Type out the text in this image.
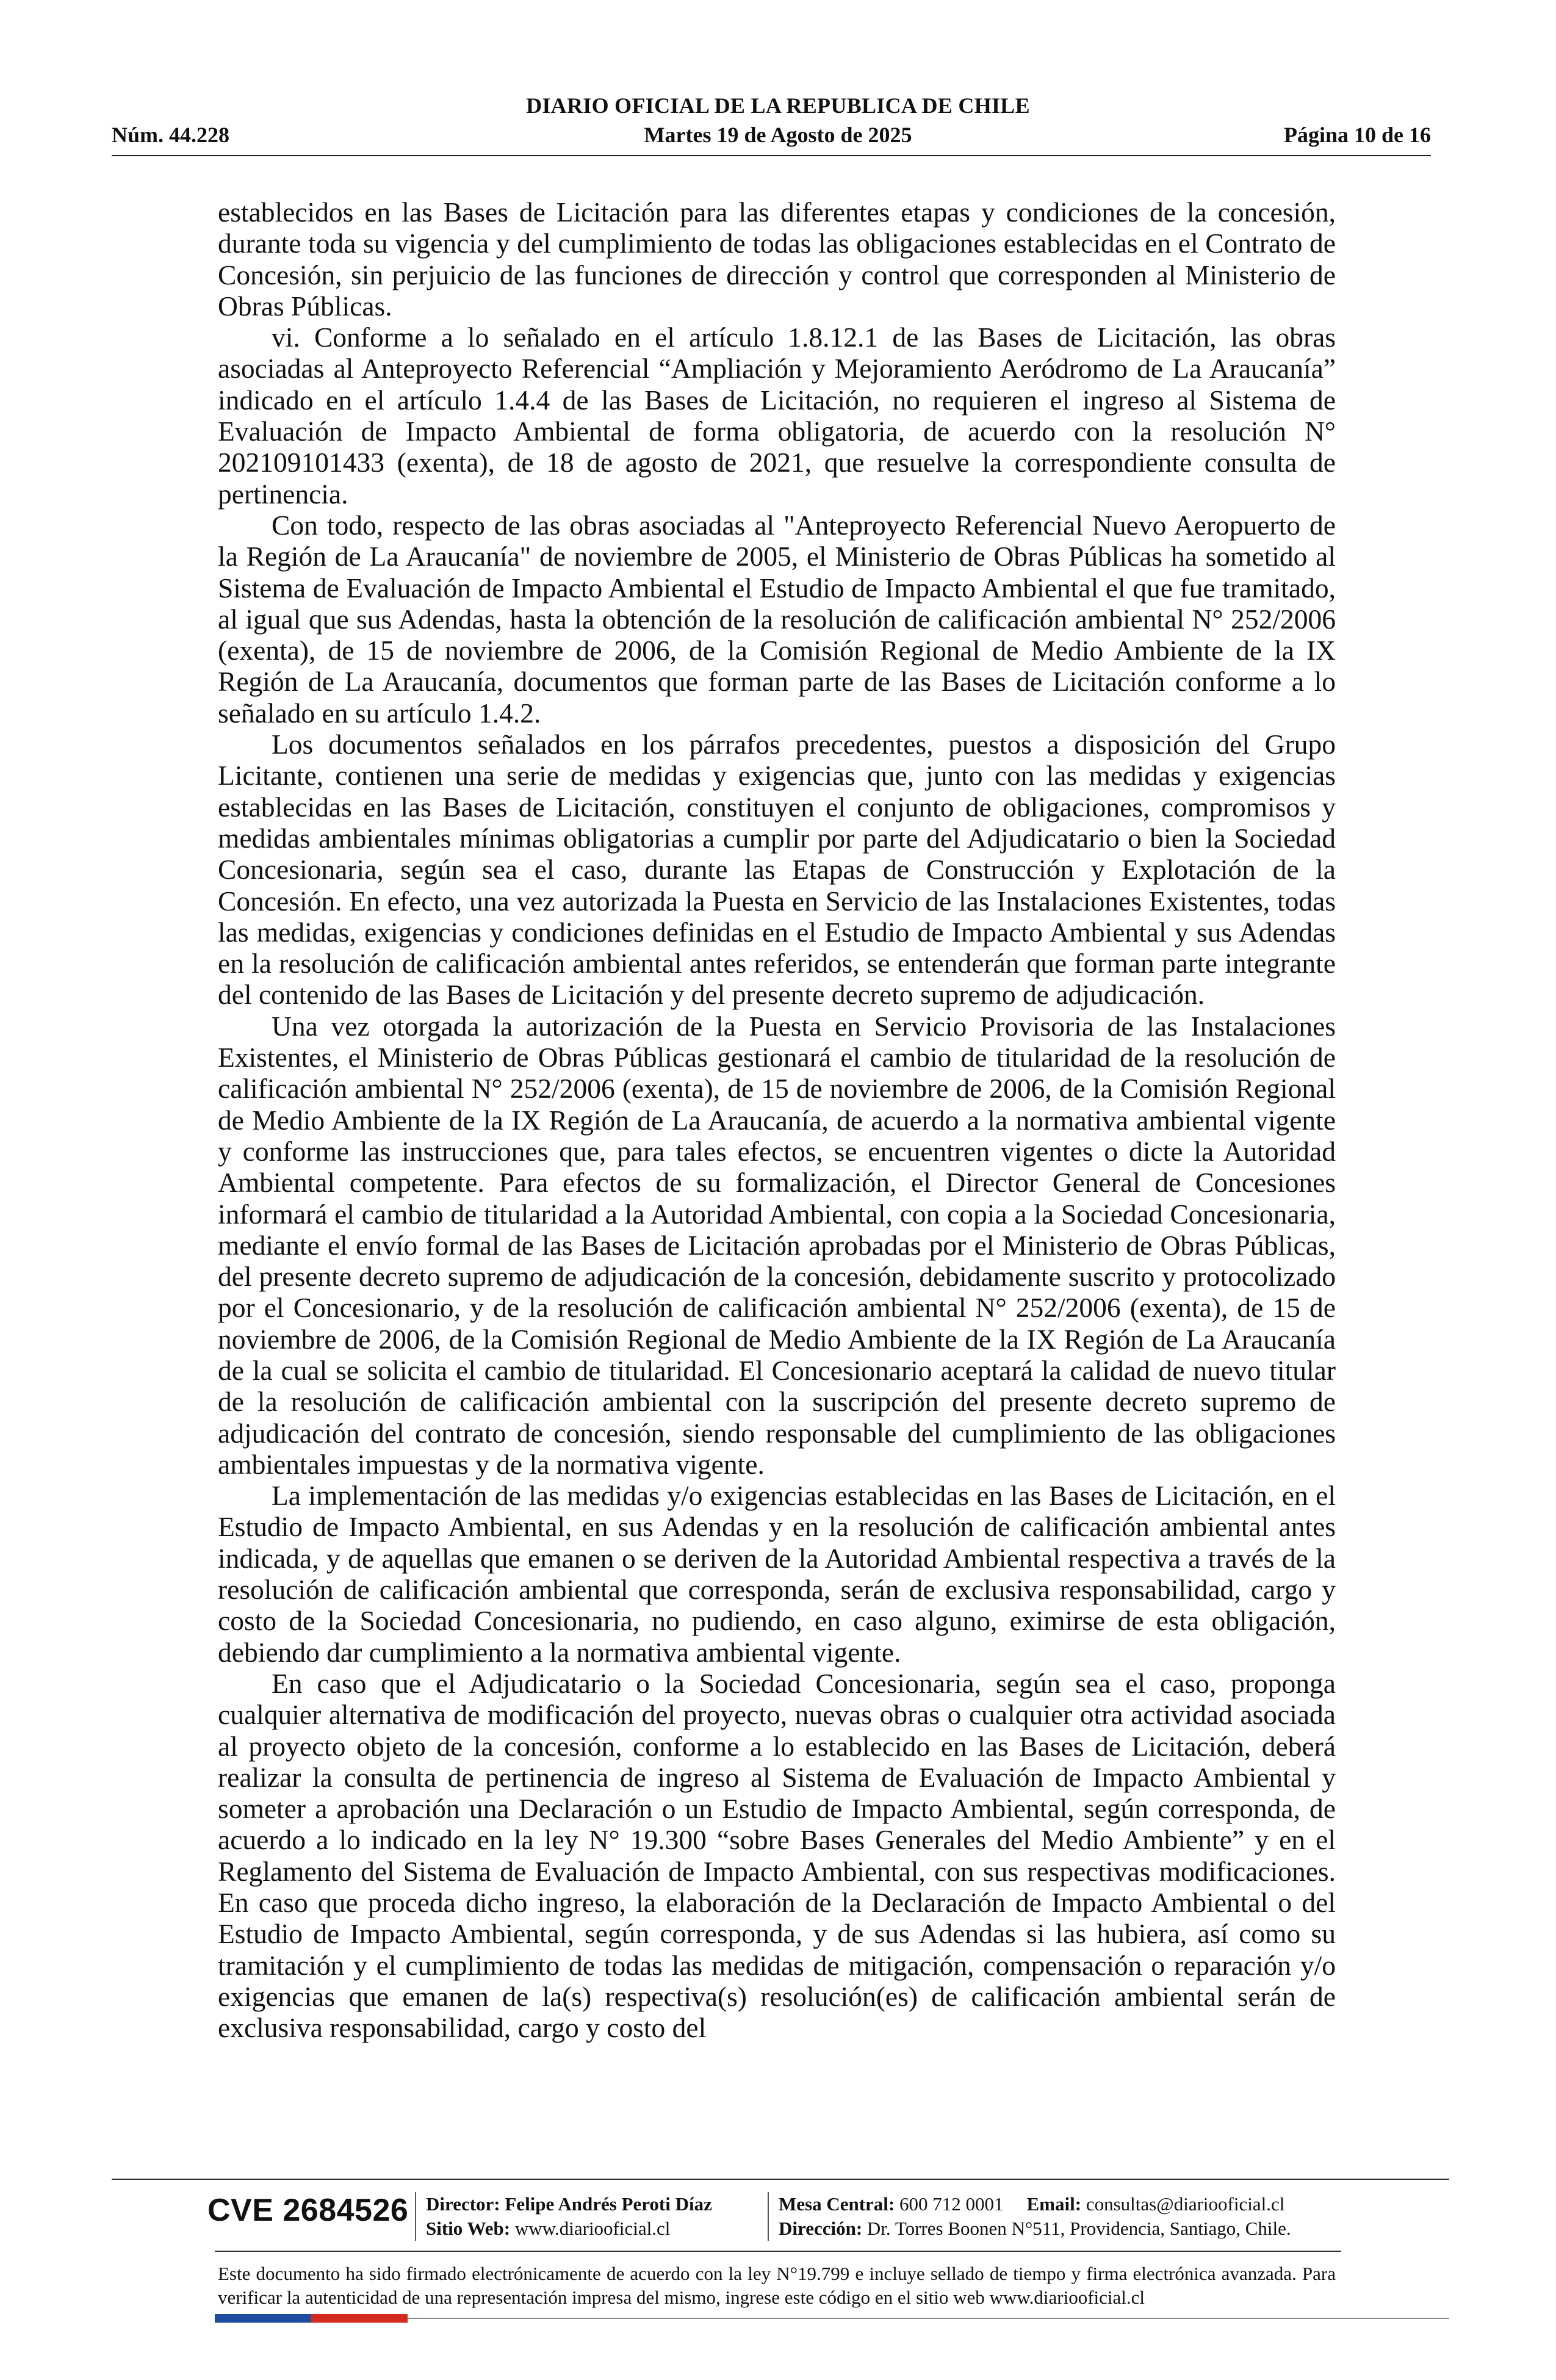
DIARIO OFICIAL DE LA REPUBLICA DE CHILE
Núm. 44.228	Martes 19 de Agosto de 2025	Página 10 de 16

establecidos en las Bases de Licitación para las diferentes etapas y condiciones de la concesión, durante toda su vigencia y del cumplimiento de todas las obligaciones establecidas en el Contrato de Concesión, sin perjuicio de las funciones de dirección y control que corresponden al Ministerio de Obras Públicas.

vi. Conforme a lo señalado en el artículo 1.8.12.1 de las Bases de Licitación, las obras asociadas al Anteproyecto Referencial “Ampliación y Mejoramiento Aeródromo de La Araucanía” indicado en el artículo 1.4.4 de las Bases de Licitación, no requieren el ingreso al Sistema de Evaluación de Impacto Ambiental de forma obligatoria, de acuerdo con la resolución N° 202109101433 (exenta), de 18 de agosto de 2021, que resuelve la correspondiente consulta de pertinencia.

Con todo, respecto de las obras asociadas al "Anteproyecto Referencial Nuevo Aeropuerto de la Región de La Araucanía" de noviembre de 2005, el Ministerio de Obras Públicas ha sometido al Sistema de Evaluación de Impacto Ambiental el Estudio de Impacto Ambiental el que fue tramitado, al igual que sus Adendas, hasta la obtención de la resolución de calificación ambiental N° 252/2006 (exenta), de 15 de noviembre de 2006, de la Comisión Regional de Medio Ambiente de la IX Región de La Araucanía, documentos que forman parte de las Bases de Licitación conforme a lo señalado en su artículo 1.4.2.

Los documentos señalados en los párrafos precedentes, puestos a disposición del Grupo Licitante, contienen una serie de medidas y exigencias que, junto con las medidas y exigencias establecidas en las Bases de Licitación, constituyen el conjunto de obligaciones, compromisos y medidas ambientales mínimas obligatorias a cumplir por parte del Adjudicatario o bien la Sociedad Concesionaria, según sea el caso, durante las Etapas de Construcción y Explotación de la Concesión. En efecto, una vez autorizada la Puesta en Servicio de las Instalaciones Existentes, todas las medidas, exigencias y condiciones definidas en el Estudio de Impacto Ambiental y sus Adendas en la resolución de calificación ambiental antes referidos, se entenderán que forman parte integrante del contenido de las Bases de Licitación y del presente decreto supremo de adjudicación.

Una vez otorgada la autorización de la Puesta en Servicio Provisoria de las Instalaciones Existentes, el Ministerio de Obras Públicas gestionará el cambio de titularidad de la resolución de calificación ambiental N° 252/2006 (exenta), de 15 de noviembre de 2006, de la Comisión Regional de Medio Ambiente de la IX Región de La Araucanía, de acuerdo a la normativa ambiental vigente y conforme las instrucciones que, para tales efectos, se encuentren vigentes o dicte la Autoridad Ambiental competente. Para efectos de su formalización, el Director General de Concesiones informará el cambio de titularidad a la Autoridad Ambiental, con copia a la Sociedad Concesionaria, mediante el envío formal de las Bases de Licitación aprobadas por el Ministerio de Obras Públicas, del presente decreto supremo de adjudicación de la concesión, debidamente suscrito y protocolizado por el Concesionario, y de la resolución de calificación ambiental N° 252/2006 (exenta), de 15 de noviembre de 2006, de la Comisión Regional de Medio Ambiente de la IX Región de La Araucanía de la cual se solicita el cambio de titularidad. El Concesionario aceptará la calidad de nuevo titular de la resolución de calificación ambiental con la suscripción del presente decreto supremo de adjudicación del contrato de concesión, siendo responsable del cumplimiento de las obligaciones ambientales impuestas y de la normativa vigente.

La implementación de las medidas y/o exigencias establecidas en las Bases de Licitación, en el Estudio de Impacto Ambiental, en sus Adendas y en la resolución de calificación ambiental antes indicada, y de aquellas que emanen o se deriven de la Autoridad Ambiental respectiva a través de la resolución de calificación ambiental que corresponda, serán de exclusiva responsabilidad, cargo y costo de la Sociedad Concesionaria, no pudiendo, en caso alguno, eximirse de esta obligación, debiendo dar cumplimiento a la normativa ambiental vigente.

En caso que el Adjudicatario o la Sociedad Concesionaria, según sea el caso, proponga cualquier alternativa de modificación del proyecto, nuevas obras o cualquier otra actividad asociada al proyecto objeto de la concesión, conforme a lo establecido en las Bases de Licitación, deberá realizar la consulta de pertinencia de ingreso al Sistema de Evaluación de Impacto Ambiental y someter a aprobación una Declaración o un Estudio de Impacto Ambiental, según corresponda, de acuerdo a lo indicado en la ley N° 19.300 “sobre Bases Generales del Medio Ambiente” y en el Reglamento del Sistema de Evaluación de Impacto Ambiental, con sus respectivas modificaciones. En caso que proceda dicho ingreso, la elaboración de la Declaración de Impacto Ambiental o del Estudio de Impacto Ambiental, según corresponda, y de sus Adendas si las hubiera, así como su tramitación y el cumplimiento de todas las medidas de mitigación, compensación o reparación y/o exigencias que emanen de la(s) respectiva(s) resolución(es) de calificación ambiental serán de exclusiva responsabilidad, cargo y costo del

CVE 2684526 Director: Felipe Andrés Peroti Díaz
Sitio Web: www.diariooficial.cl
Mesa Central: 600 712 0001 Email: consultas@diariooficial.cl
Dirección: Dr. Torres Boonen N°511, Providencia, Santiago, Chile.
Este documento ha sido firmado electrónicamente de acuerdo con la ley N°19.799 e incluye sellado de tiempo y firma electrónica avanzada. Para verificar la autenticidad de una representación impresa del mismo, ingrese este código en el sitio web www.diariooficial.cl
